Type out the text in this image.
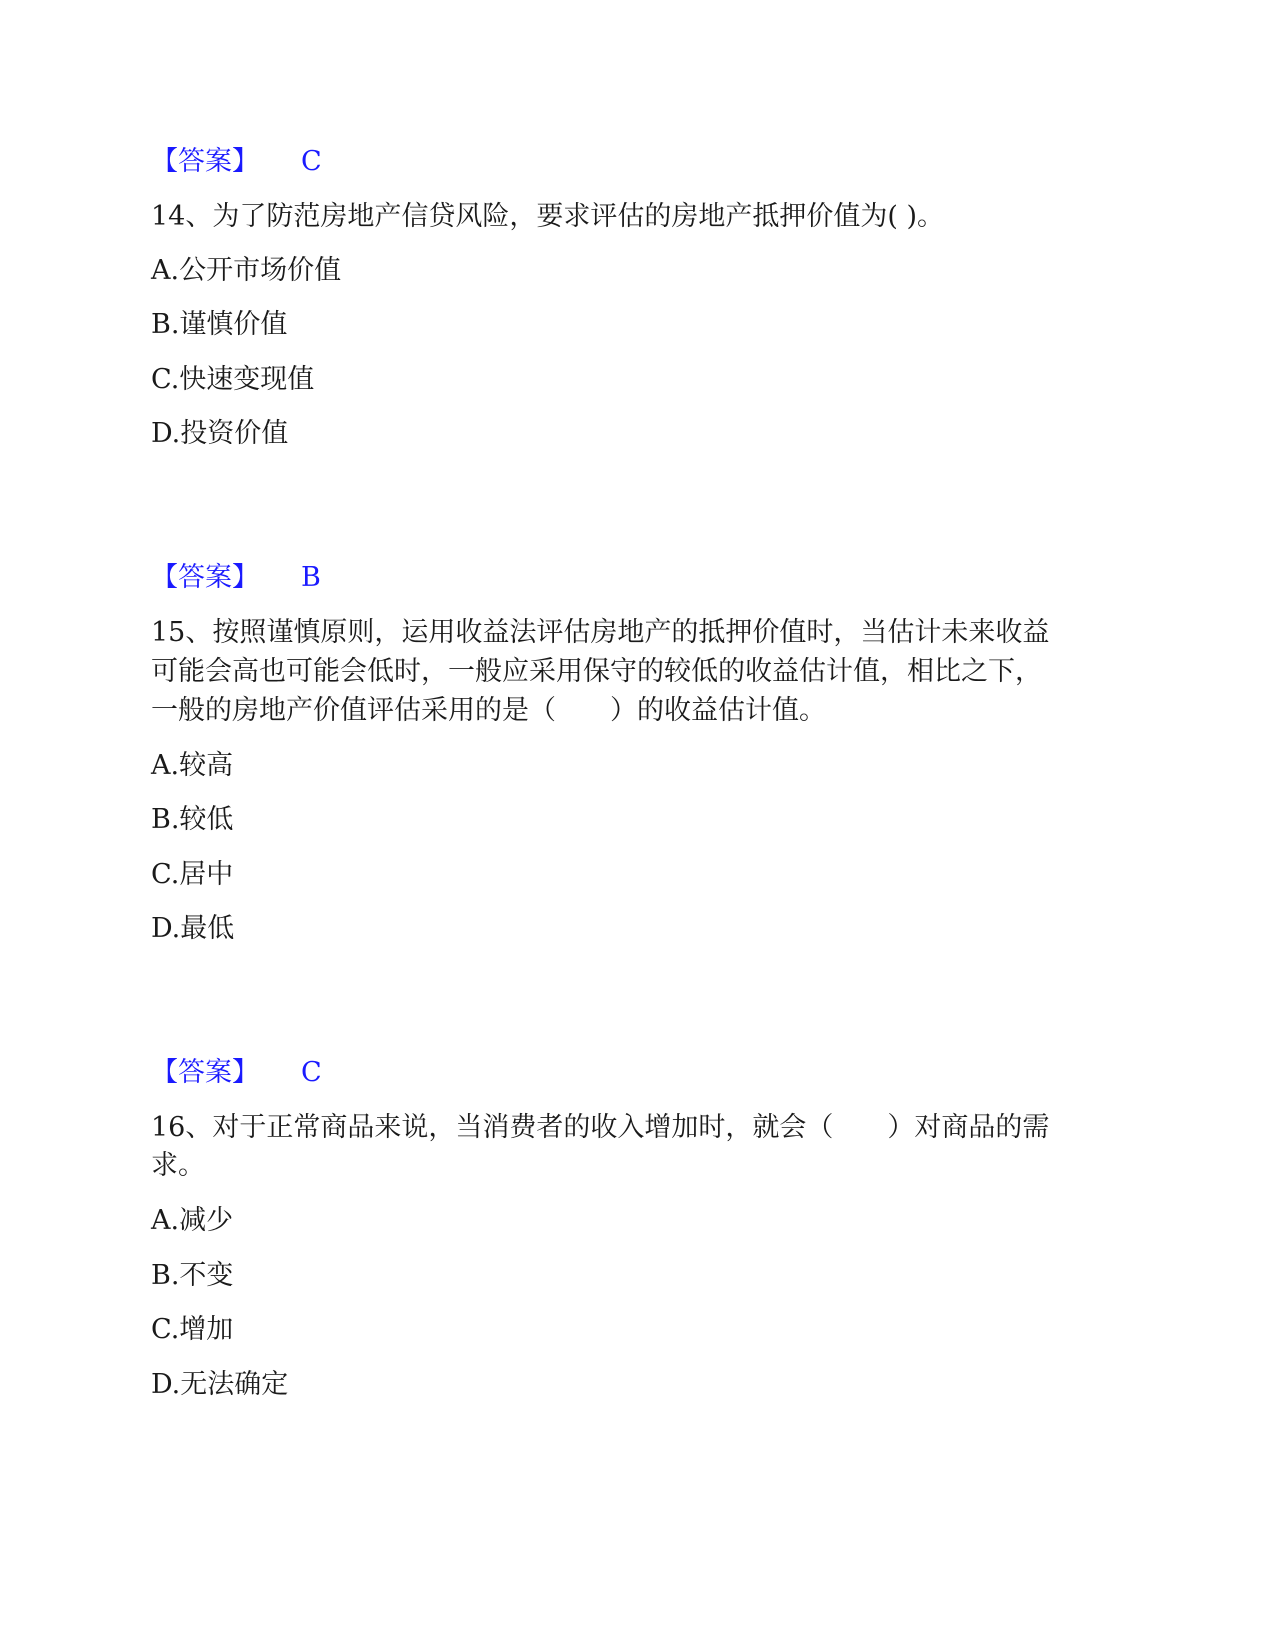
【答案】 C
14、为了防范房地产信贷风险，要求评估的房地产抵押价值为( )。
A.公开市场价值
B.谨慎价值
C.快速变现值
D.投资价值
【答案】 B
15、按照谨慎原则，运用收益法评估房地产的抵押价值时，当估计未来收益
可能会高也可能会低时，一般应采用保守的较低的收益估计值，相比之下，
一般的房地产价值评估采用的是（　　）的收益估计值。
A.较高
B.较低
C.居中
D.最低
【答案】 C
16、对于正常商品来说，当消费者的收入增加时，就会（　　）对商品的需
求。
A.减少
B.不变
C.增加
D.无法确定
